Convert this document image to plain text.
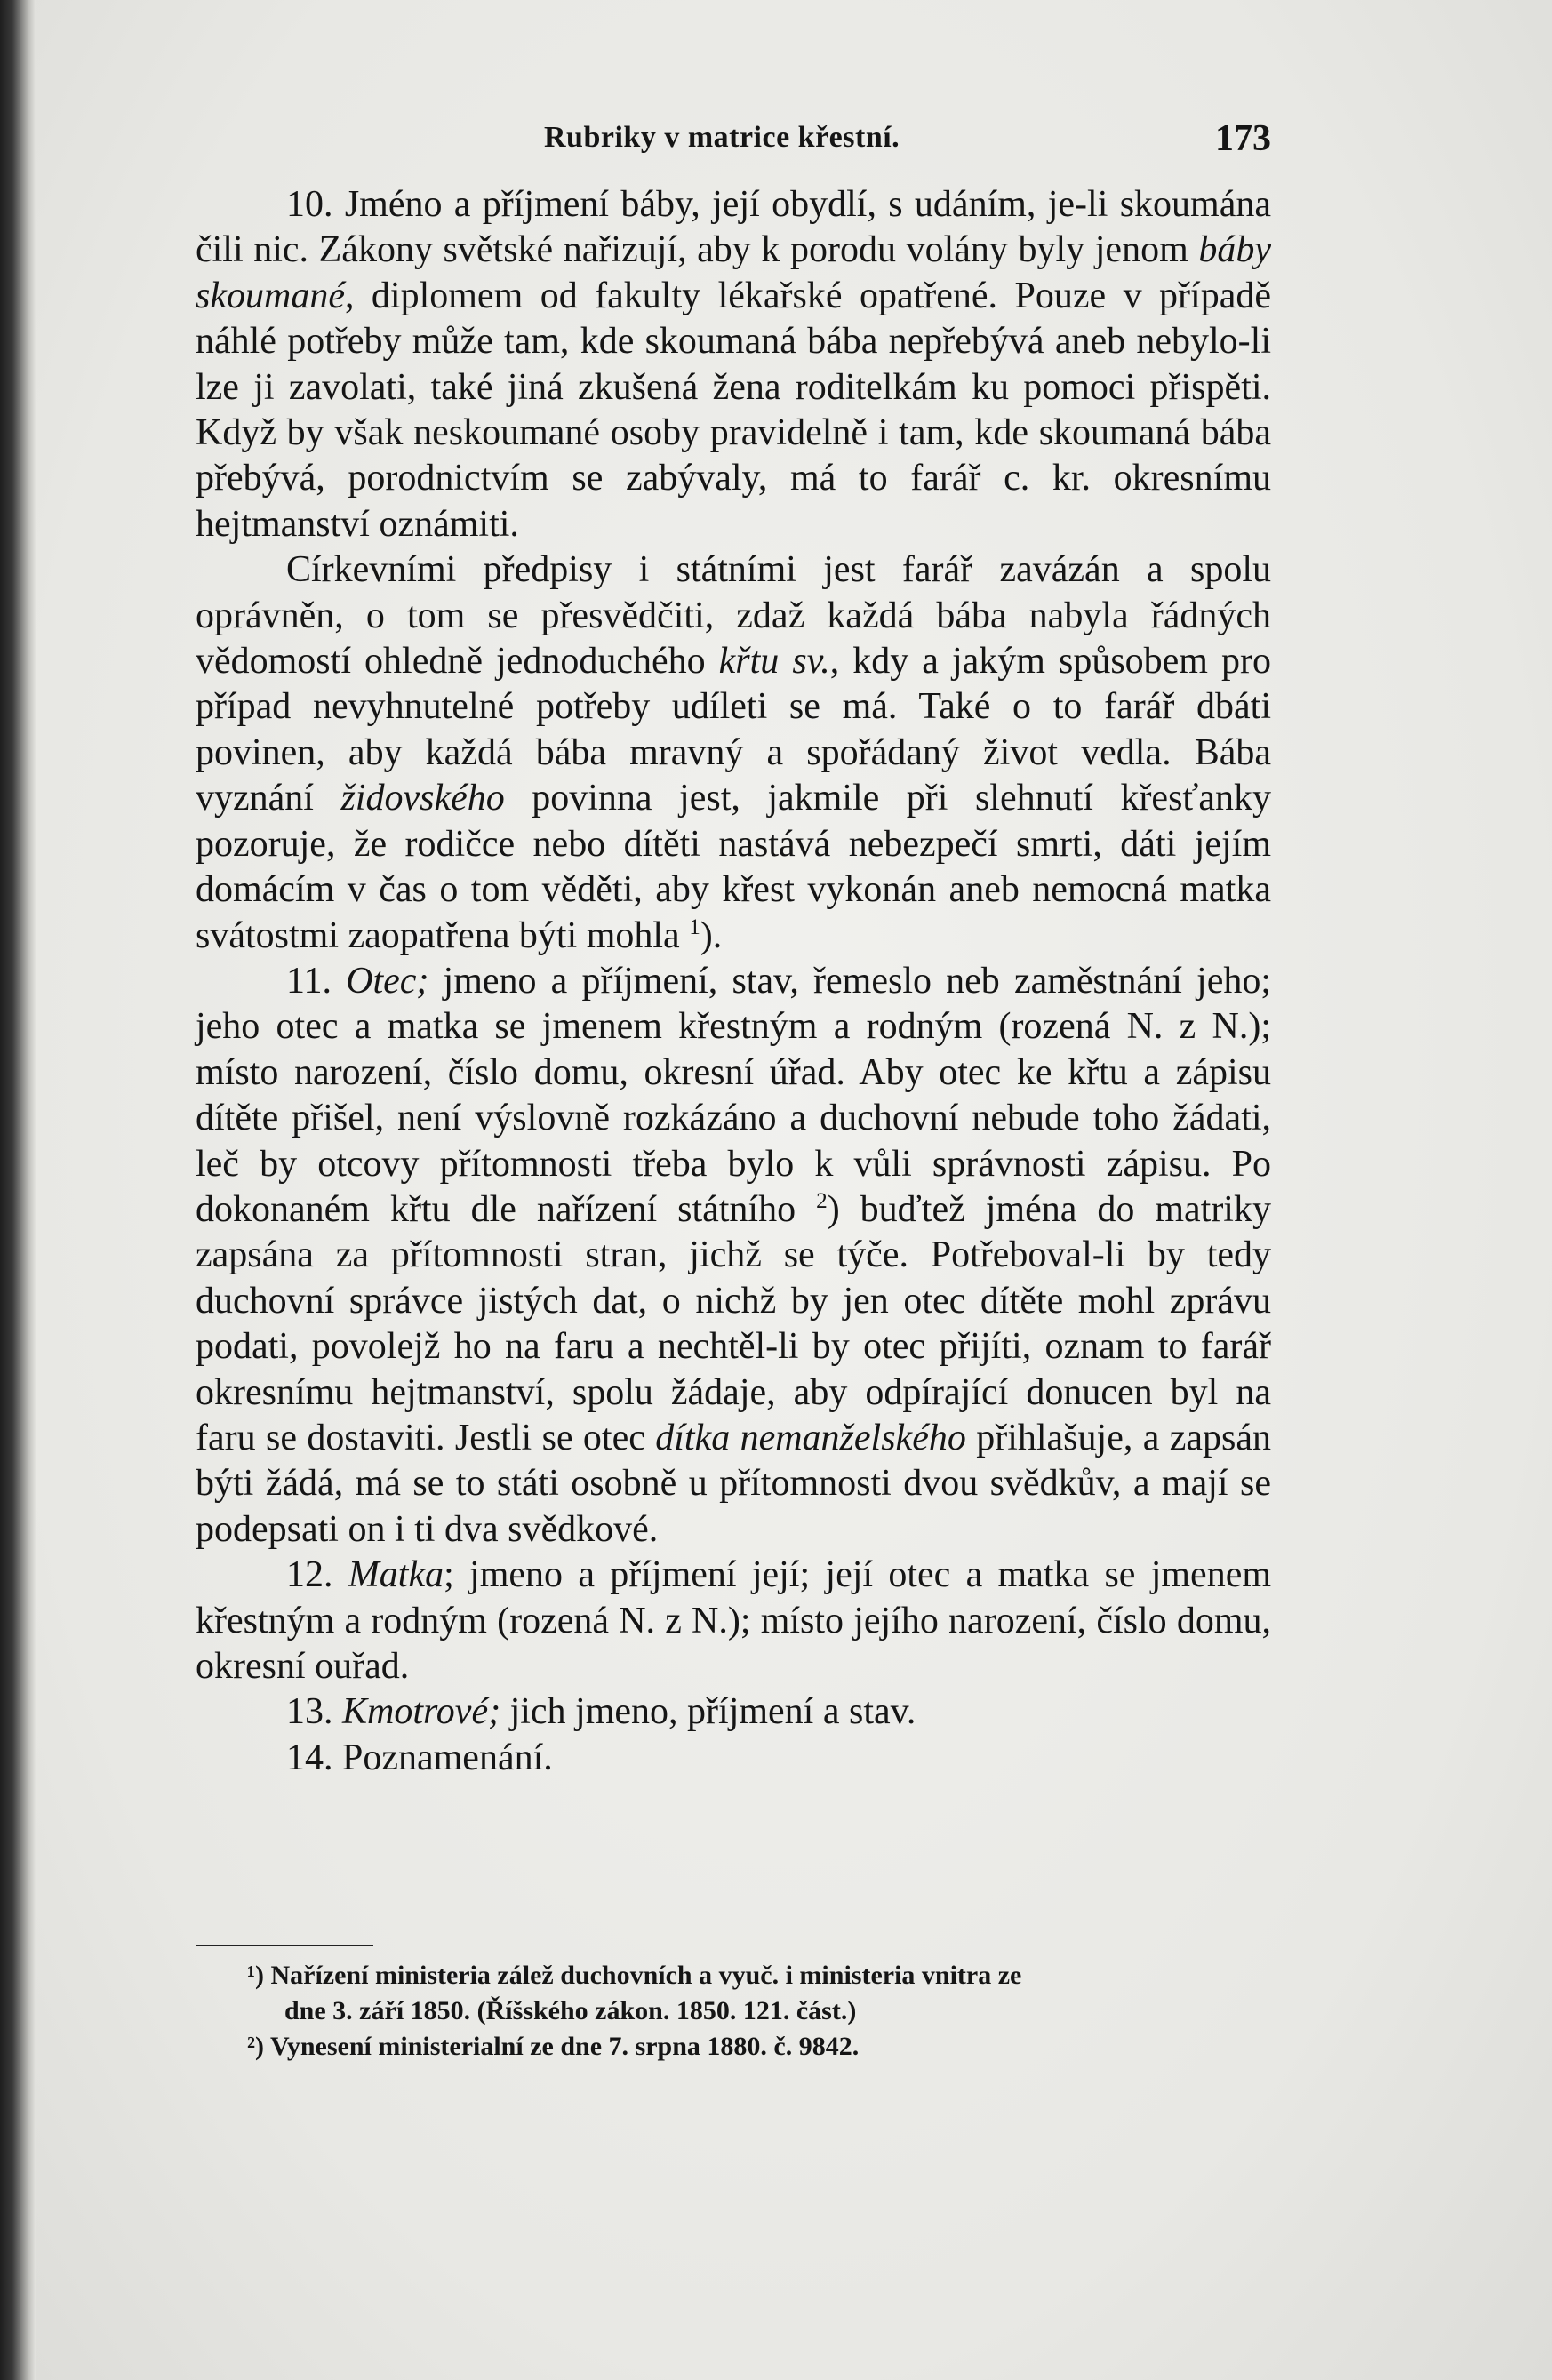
Rubriky v matrice křestní.	173

10. Jméno a příjmení báby, její obydlí, s udáním, je-li skoumána čili nic. Zákony světské nařizují, aby k porodu volány byly jenom báby skoumané, diplomem od fakulty lékařské opatřené. Pouze v případě náhlé potřeby může tam, kde skoumaná bába nepřebývá aneb nebylo-li lze ji zavolati, také jiná zkušená žena roditelkám ku pomoci přispěti. Když by však neskoumané osoby pravidelně i tam, kde skoumaná bába přebývá, porodnictvím se zabývaly, má to farář c. kr. okresnímu hejtmanství oznámiti.

Církevními předpisy i státními jest farář zavázán a spolu oprávněn, o tom se přesvědčiti, zdaž každá bába nabyla řádných vědomostí ohledně jednoduchého křtu sv., kdy a jakým spůsobem pro případ nevyhnutelné potřeby udíleti se má. Také o to farář dbáti povinen, aby každá bába mravný a spořádaný život vedla. Bába vyznání židovského povinna jest, jakmile při slehnutí křesťanky pozoruje, že rodičce nebo dítěti nastává nebezpečí smrti, dáti jejím domácím v čas o tom věděti, aby křest vykonán aneb nemocná matka svátostmi zaopatřena býti mohla $^1$).

11. Otec; jmeno a příjmení, stav, řemeslo neb zaměstnání jeho; jeho otec a matka se jmenem křestným a rodným (rozená N. z N.); místo narození, číslo domu, okresní úřad. Aby otec ke křtu a zápisu dítěte přišel, není výslovně rozkázáno a duchovní nebude toho žádati, leč by otcovy přítomnosti třeba bylo k vůli správnosti zápisu. Po dokonaném křtu dle nařízení státního $^2$) buďtež jména do matriky zapsána za přítomnosti stran, jichž se týče. Potřeboval-li by tedy duchovní správce jistých dat, o nichž by jen otec dítěte mohl zprávu podati, povolejž ho na faru a nechtěl-li by otec přijíti, oznam to farář okresnímu hejtmanství, spolu žádaje, aby odpírající donucen byl na faru se dostaviti. Jestli se otec dítka nemanželského přihlašuje, a zapsán býti žádá, má se to státi osobně u přítomnosti dvou svědkův, a mají se podepsati on i ti dva svědkové.

12. Matka; jmeno a příjmení její; její otec a matka se jmenem křestným a rodným (rozená N. z N.); místo jejího narození, číslo domu, okresní ouřad.

13. Kmotrové; jich jmeno, příjmení a stav.

14. Poznamenání.

¹) Nařízení ministeria zálež duchovních a vyuč. i ministeria vnitra ze
dne 3. září 1850. (Říšského zákon. 1850. 121. část.)

²) Vynesení ministerialní ze dne 7. srpna 1880. č. 9842.
